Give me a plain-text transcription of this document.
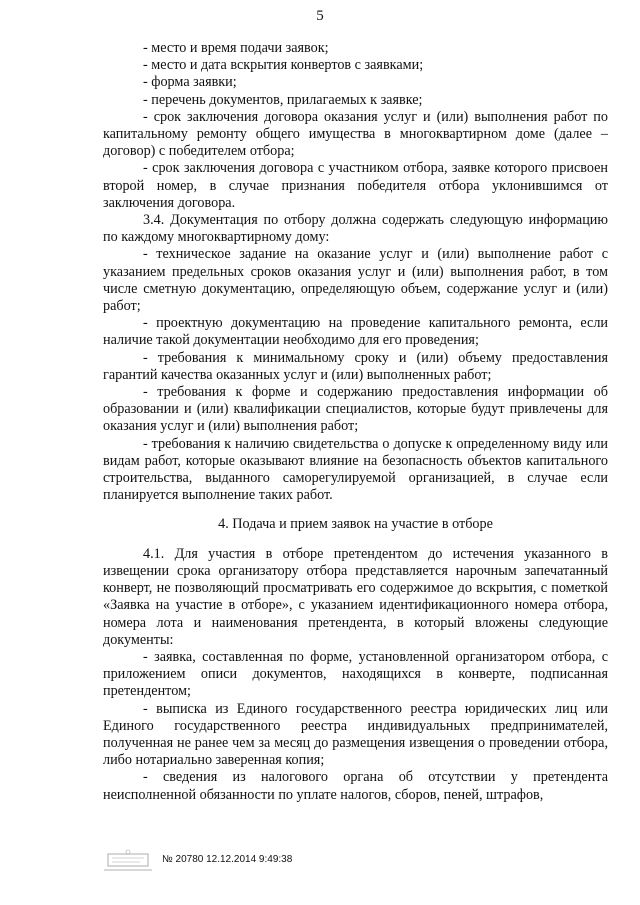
5

- место и время подачи заявок;

- место и дата вскрытия конвертов с заявками;

- форма заявки;

- перечень документов, прилагаемых к заявке;

- срок заключения договора оказания услуг и (или) выполнения работ по капитальному ремонту общего имущества в многоквартирном доме (далее – договор) с победителем отбора;

- срок заключения договора с участником отбора, заявке которого присвоен второй номер, в случае признания победителя отбора уклонившимся от заключения договора.

3.4. Документация по отбору должна содержать следующую информацию по каждому многоквартирному дому:

- техническое задание на оказание услуг и (или) выполнение работ с указанием предельных сроков оказания услуг и (или) выполнения работ, в том числе сметную документацию, определяющую объем, содержание услуг и (или) работ;

- проектную документацию на проведение капитального ремонта, если наличие такой документации необходимо для его проведения;

- требования к минимальному сроку и (или) объему предоставления гарантий качества оказанных услуг и (или) выполненных работ;

- требования к форме и содержанию предоставления информации об образовании и (или) квалификации специалистов, которые будут привлечены для оказания услуг и (или) выполнения работ;

- требования к наличию свидетельства о допуске к определенному виду или видам работ, которые оказывают влияние на безопасность объектов капитального строительства, выданного саморегулируемой организацией, в случае если планируется выполнение таких работ.

4. Подача и прием заявок на участие в отборе

4.1. Для участия в отборе претендентом до истечения указанного в извещении срока организатору отбора представляется нарочным запечатанный конверт, не позволяющий просматривать его содержимое до вскрытия, с пометкой «Заявка на участие в отборе», с указанием идентификационного номера отбора, номера лота и наименования претендента, в который вложены следующие документы:

- заявка, составленная по форме, установленной организатором отбора, с приложением описи документов, находящихся в конверте, подписанная претендентом;

- выписка из Единого государственного реестра юридических лиц или Единого государственного реестра индивидуальных предпринимателей, полученная не ранее чем за месяц до размещения извещения о проведении отбора, либо нотариально заверенная копия;

- сведения из налогового органа об отсутствии у претендента неисполненной обязанности по уплате налогов, сборов, пеней, штрафов,

№ 20780 12.12.2014 9:49:38
